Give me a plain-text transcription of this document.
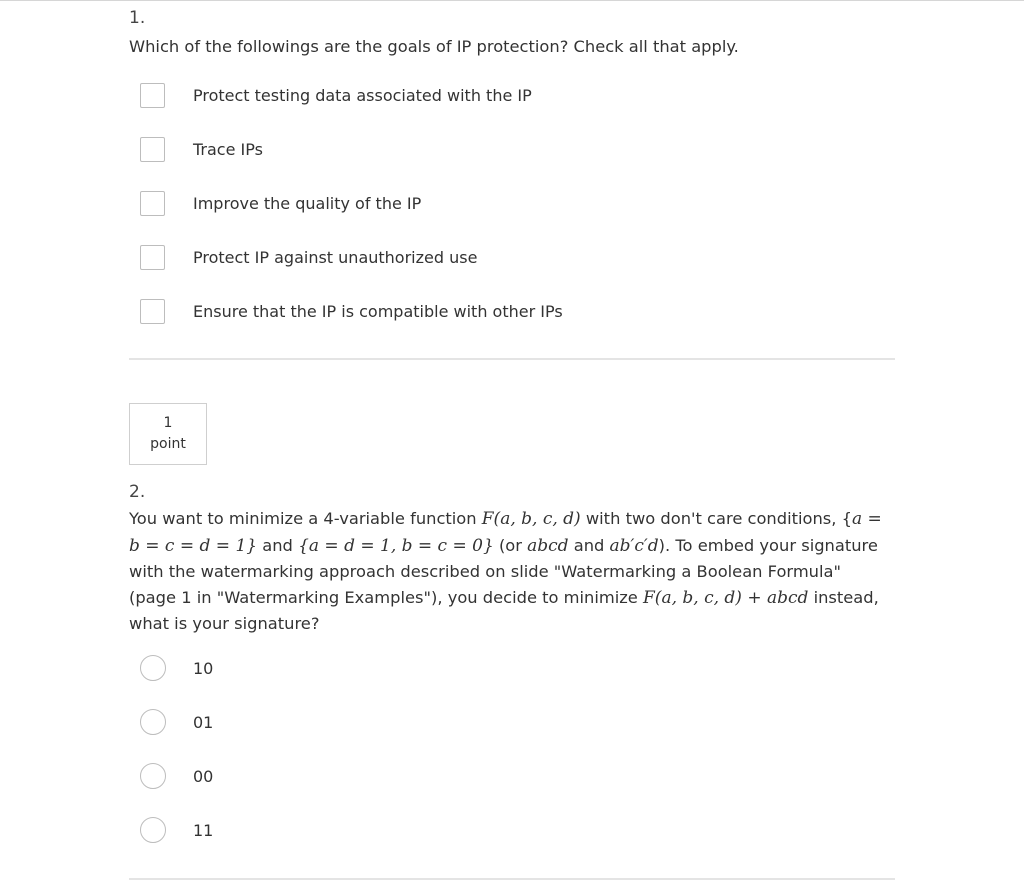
1.
Which of the followings are the goals of IP protection? Check all that apply.
Protect testing data associated with the IP
Trace IPs
Improve the quality of the IP
Protect IP against unauthorized use
Ensure that the IP is compatible with other IPs
1
point
2.
You want to minimize a 4-variable function F(a, b, c, d) with two don't care conditions, {a = b = c = d = 1} and {a = d = 1, b = c = 0} (or abcd and ab′c′d). To embed your signature with the watermarking approach described on slide "Watermarking a Boolean Formula" (page 1 in "Watermarking Examples"), you decide to minimize F(a, b, c, d) + abcd instead, what is your signature?
10
01
00
11
